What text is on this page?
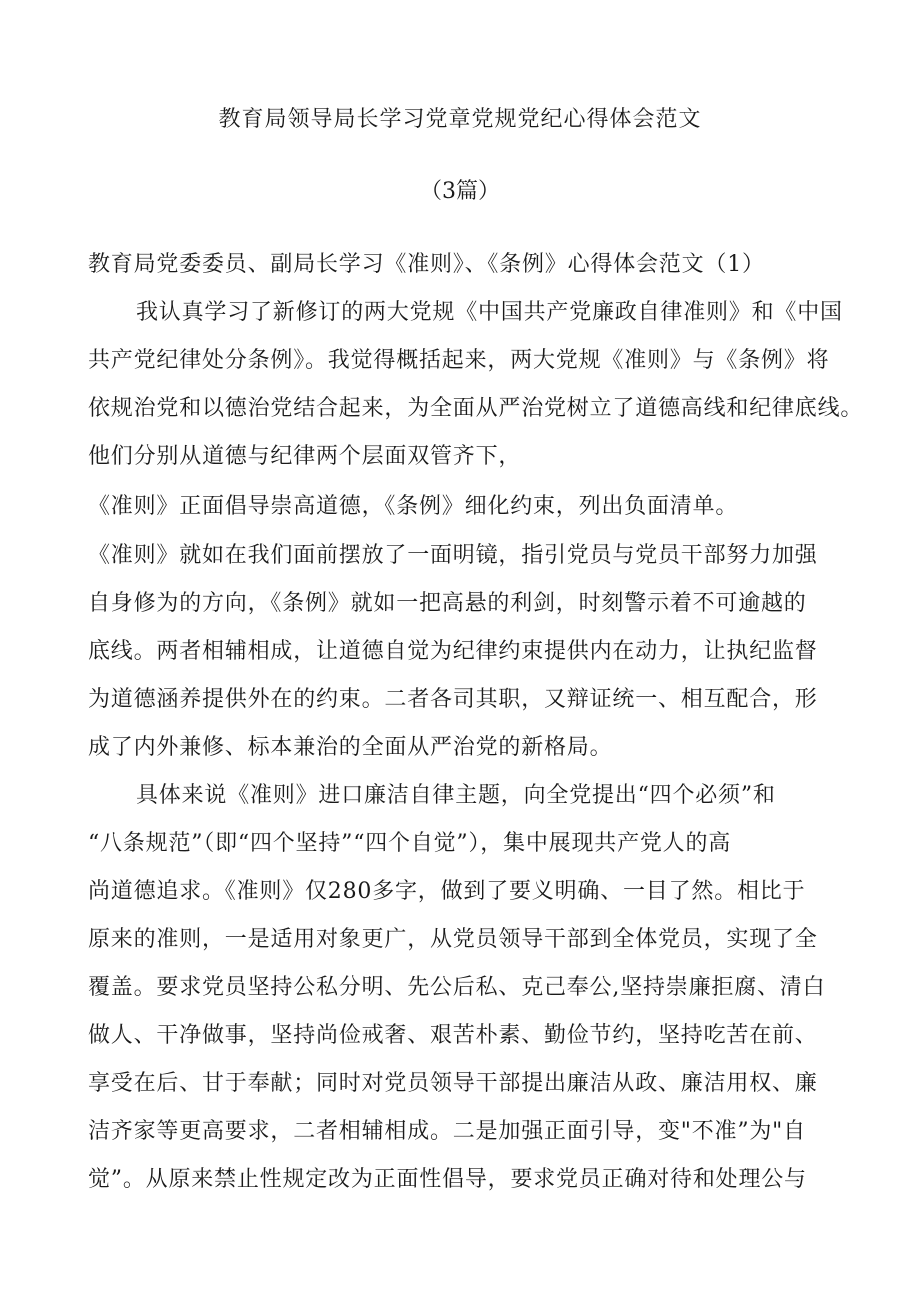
教育局领导局长学习党章党规党纪心得体会范文
（3篇）
教育局党委委员、副局长学习《准则》、《条例》心得体会范文（1）
我认真学习了新修订的两大党规《中国共产党廉政自律准则》和《中国
共产党纪律处分条例》。我觉得概括起来，两大党规《准则》与《条例》将
依规治党和以德治党结合起来，为全面从严治党树立了道德高线和纪律底线。
他们分别从道德与纪律两个层面双管齐下，
《准则》正面倡导崇高道德，《条例》细化约束，列出负面清单。
《准则》就如在我们面前摆放了一面明镜，指引党员与党员干部努力加强
自身修为的方向，《条例》就如一把高悬的利剑，时刻警示着不可逾越的
底线。两者相辅相成，让道德自觉为纪律约束提供内在动力，让执纪监督
为道德涵养提供外在的约束。二者各司其职，又辩证统一、相互配合，形
成了内外兼修、标本兼治的全面从严治党的新格局。
具体来说《准则》进口廉洁自律主题，向全党提出“四个必须”和
“八条规范”（即“四个坚持”“四个自觉”），集中展现共产党人的高
尚道德追求。《准则》仅280多字，做到了要义明确、一目了然。相比于
原来的准则，一是适用对象更广，从党员领导干部到全体党员，实现了全
覆盖。要求党员坚持公私分明、先公后私、克己奉公,坚持崇廉拒腐、清白
做人、干净做事，坚持尚俭戒奢、艰苦朴素、勤俭节约，坚持吃苦在前、
享受在后、甘于奉献；同时对党员领导干部提出廉洁从政、廉洁用权、廉
洁齐家等更高要求，二者相辅相成。二是加强正面引导，变"不准”为"自
觉”。从原来禁止性规定改为正面性倡导，要求党员正确对待和处理公与
